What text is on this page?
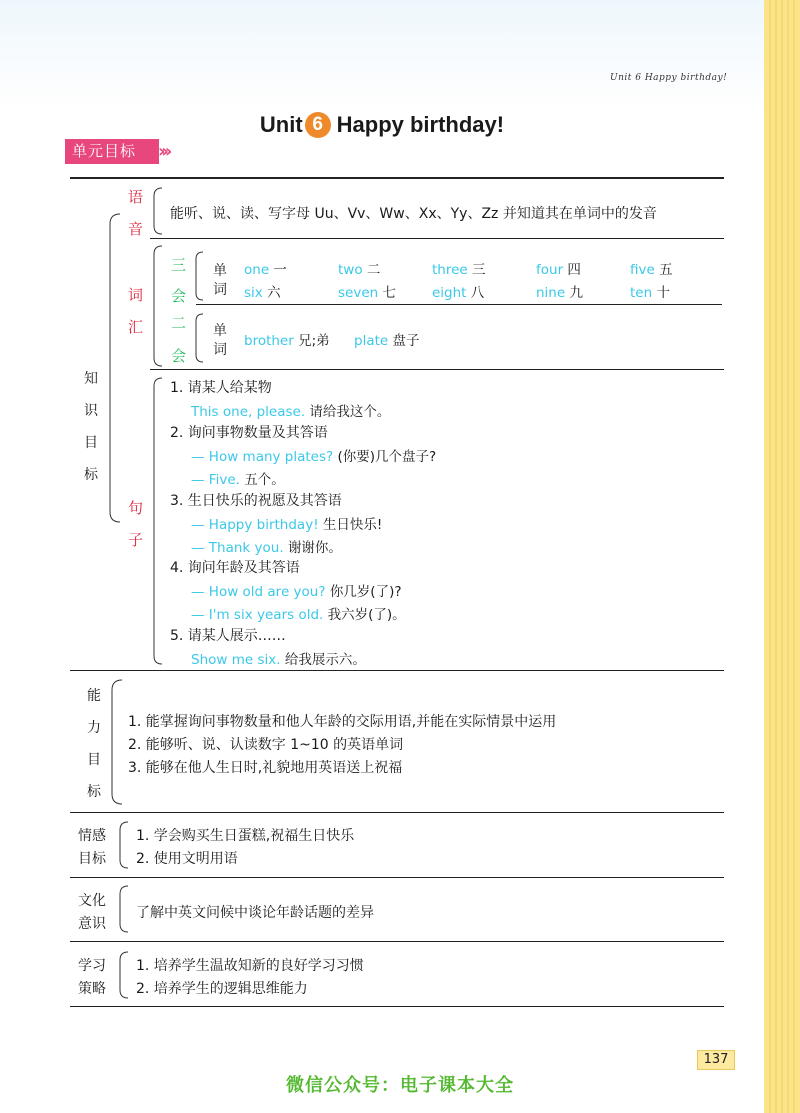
Unit 6 Happy birthday!
Unit 6 Happy birthday!
单元目标	›››
知
识
目
标
语
音
能听、说、读、写字母 Uu、Vv、Ww、Xx、Yy、Zz 并知道其在单词中的发音
词
汇
三
会
单
词
one 一	two 二	three 三	four 四	five 五
six 六	seven 七	eight 八	nine 九	ten 十
二
会
单
词
brother 兄;弟 plate 盘子
句
子
1. 请某人给某物
This one, please. 请给我这个。
2. 询问事物数量及其答语
— How many plates? (你要)几个盘子?
— Five. 五个。
3. 生日快乐的祝愿及其答语
— Happy birthday! 生日快乐!
— Thank you. 谢谢你。
4. 询问年龄及其答语
— How old are you? 你几岁(了)?
— I'm six years old. 我六岁(了)。
5. 请某人展示……
Show me six. 给我展示六。
能
力
目
标
1. 能掌握询问事物数量和他人年龄的交际用语,并能在实际情景中运用
2. 能够听、说、认读数字 1~10 的英语单词
3. 能够在他人生日时,礼貌地用英语送上祝福
情感
目标
1. 学会购买生日蛋糕,祝福生日快乐
2. 使用文明用语
文化
意识
了解中英文问候中谈论年龄话题的差异
学习
策略
1. 培养学生温故知新的良好学习习惯
2. 培养学生的逻辑思维能力
137
微信公众号：电子课本大全
